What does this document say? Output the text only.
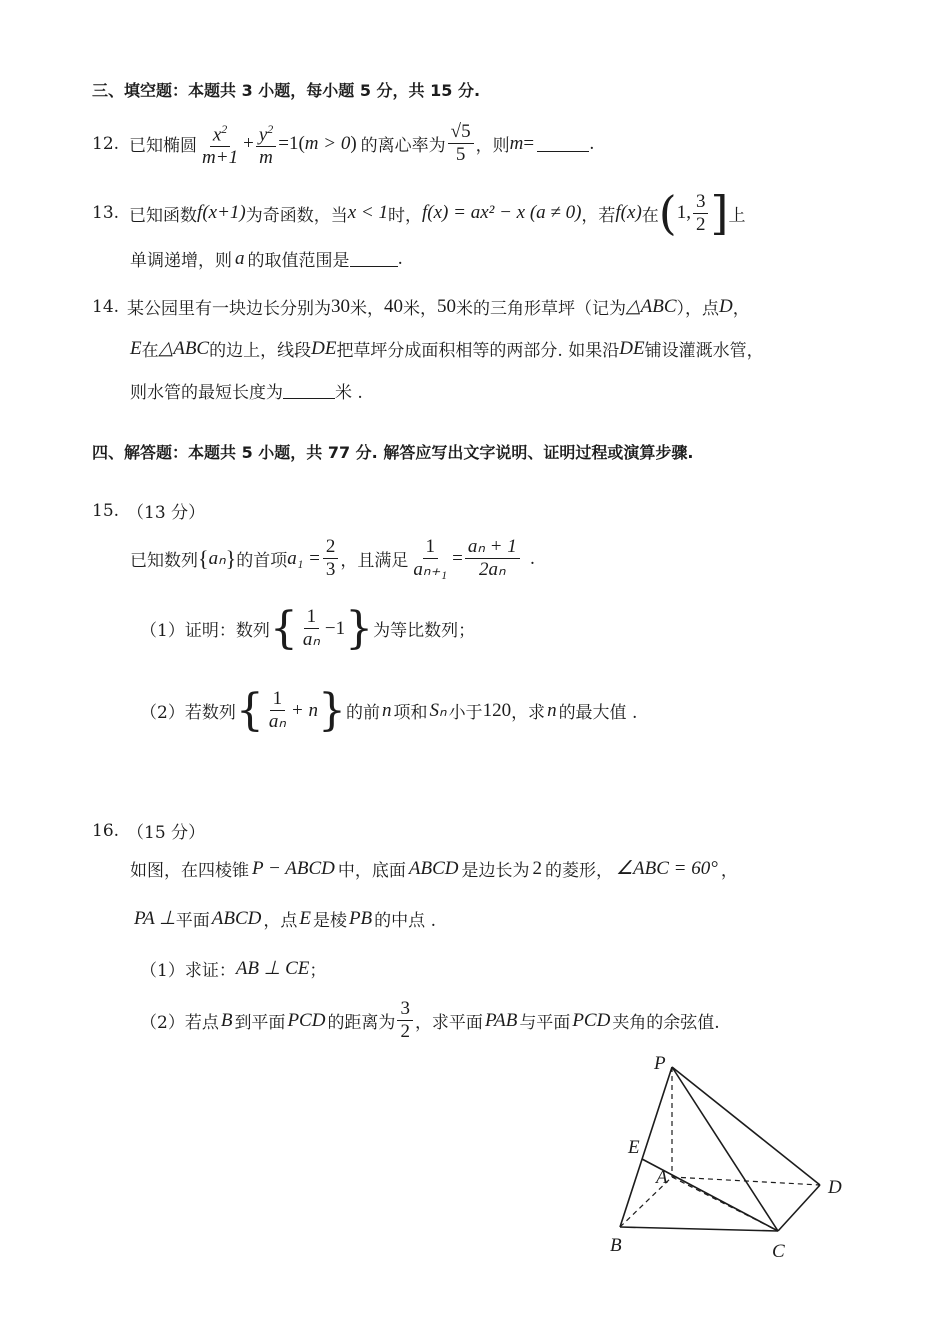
三、填空题：本题共 3 小题，每小题 5 分，共 15 分.
12. 已知椭圆 $\frac{x^2}{m+1} + \frac{y^2}{m} =1$( m > 0 ) 的离心率为 $\frac{√5}{5}$ ，则 m =	.
13. 已知函数 f(x+1) 为奇函数，当 x < 1 时， f(x) = ax² − x (a ≠ 0) ，若 f(x) 在 ( 1, $\frac{3}{2}$ ] 上
单调递增，则 a 的取值范围是	.
14. 某公园里有一块边长分别为 30 米， 40 米， 50 米的三角形草坪（记为 △ABC ），点 D ，
E 在 △ABC 的边上，线段 DE 把草坪分成面积相等的两部分. 如果沿 DE 铺设灌溉水管，
则水管的最短长度为	米 .
四、解答题：本题共 5 小题，共 77 分. 解答应写出文字说明、证明过程或演算步骤.
15. （13 分）
已知数列 { aₙ } 的首项 $a_1 = \frac{2}{3}$ ，且满足 $\frac{1}{\text{aₙ₊₁}} = \frac{\text{aₙ + 1}}{\text{2aₙ}}$ .
（1）证明：数列 { $\frac{1}{\text{aₙ}} -1$ } 为等比数列；
（2）若数列 { $\frac{1}{\text{aₙ}} + n$ } 的前 n 项和 Sₙ 小于 120 ，求 n 的最大值 .
16. （15 分）
如图，在四棱锥 P − ABCD 中，底面 ABCD 是边长为 2 的菱形， ∠ABC = 60° ，
PA ⊥ 平面 ABCD ，点 E 是棱 PB 的中点 .
（1）求证： AB ⊥ CE ；
（2）若点 B 到平面 PCD 的距离为 $\frac{3}{2}$ ，求平面 PAB 与平面 PCD 夹角的余弦值.
P
E
A	D
B	C
